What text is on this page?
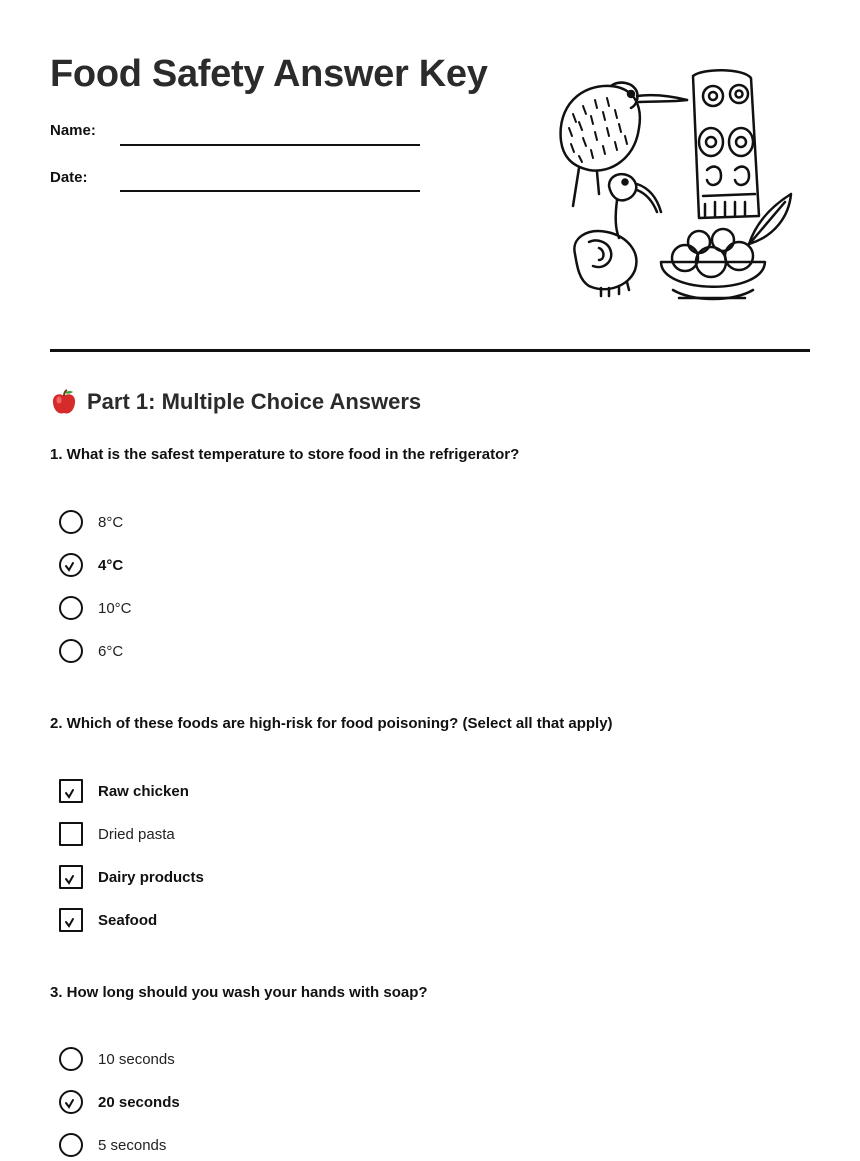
Food Safety Answer Key
Name:
Date:
Part 1: Multiple Choice Answers
1. What is the safest temperature to store food in the refrigerator?
8°C
4°C
10°C
6°C
2. Which of these foods are high-risk for food poisoning? (Select all that apply)
Raw chicken
Dried pasta
Dairy products
Seafood
3. How long should you wash your hands with soap?
10 seconds
20 seconds
5 seconds
